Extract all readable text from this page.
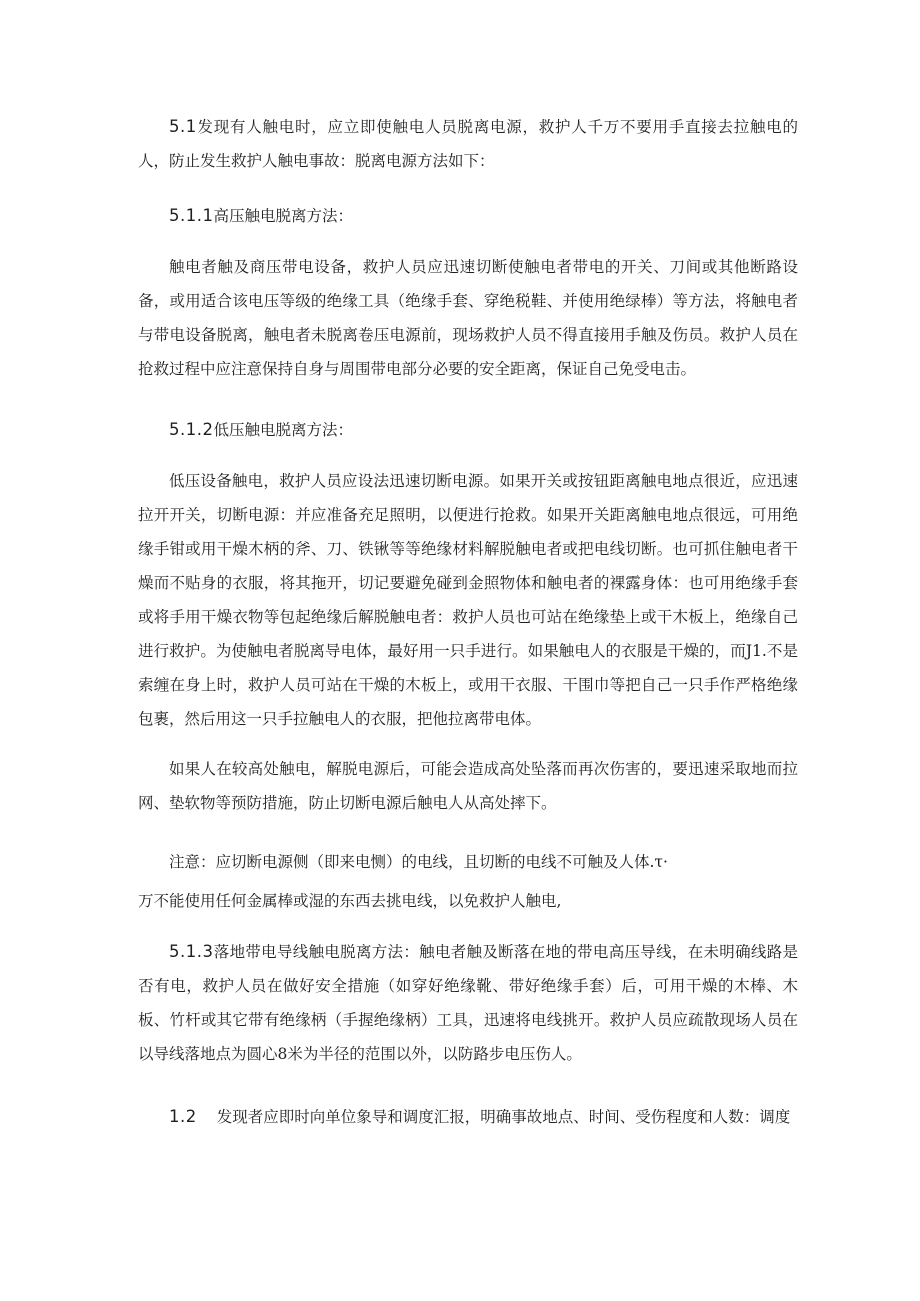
5.1发现有人触电时，应立即使触电人员脱离电源，救护人千万不要用手直接去拉触电的人，防止发生救护人触电事故：脱离电源方法如下：

5.1.1高压触电脱离方法：

触电者触及商压带电设备，救护人员应迅速切断使触电者带电的开关、刀间或其他断路设备，或用适合该电压等级的绝缘工具（绝缘手套、穿绝税鞋、并使用绝绿棒）等方法，将触电者与带电设备脱离，触电者未脱离卷压电源前，现场救护人员不得直接用手触及伤员。救护人员在抢救过程中应注意保持自身与周围带电部分必要的安全距离，保证自己免受电击。

5.1.2低压触电脱离方法：

低压设备触电，救护人员应设法迅速切断电源。如果开关或按钮距离触电地点很近，应迅速拉开开关，切断电源：并应准备充足照明，以便进行抢救。如果开关距离触电地点很远，可用绝缘手钳或用干燥木柄的斧、刀、铁锹等等绝缘材料解脱触电者或把电线切断。也可抓住触电者干燥而不贴身的衣服，将其拖开，切记要避免碰到金照物体和触电者的裸露身体：也可用绝缘手套或将手用干燥衣物等包起绝缘后解脱触电者：救护人员也可站在绝缘垫上或干木板上，绝缘自己进行救护。为使触电者脱离导电体，最好用一只手进行。如果触电人的衣服是干燥的，而J1.不是索缠在身上时，救护人员可站在干燥的木板上，或用干衣服、干围巾等把自己一只手作严格绝缘包裹，然后用这一只手拉触电人的衣服，把他拉离带电体。

如果人在较高处触电，解脱电源后，可能会造成高处坠落而再次伤害的，要迅速采取地而拉网、垫软物等预防措施，防止切断电源后触电人从高处摔下。

注意：应切断电源侧（即来电恻）的电线，且切断的电线不可触及人体.τ·

万不能使用任何金属棒或湿的东西去挑电线，以免救护人触电,

5.1.3落地带电导线触电脱离方法：触电者触及断落在地的带电高压导线，在未明确线路是否有电，救护人员在做好安全措施（如穿好绝缘靴、带好绝缘手套）后，可用干燥的木棒、木板、竹杆或其它带有绝缘柄（手握绝缘柄）工具，迅速将电线挑开。救护人员应疏散现场人员在以导线落地点为圆心8米为半径的范围以外，以防路步电压伤人。

1.2 发现者应即时向单位象导和调度汇报，明确事故地点、时间、受伤程度和人数：调度
